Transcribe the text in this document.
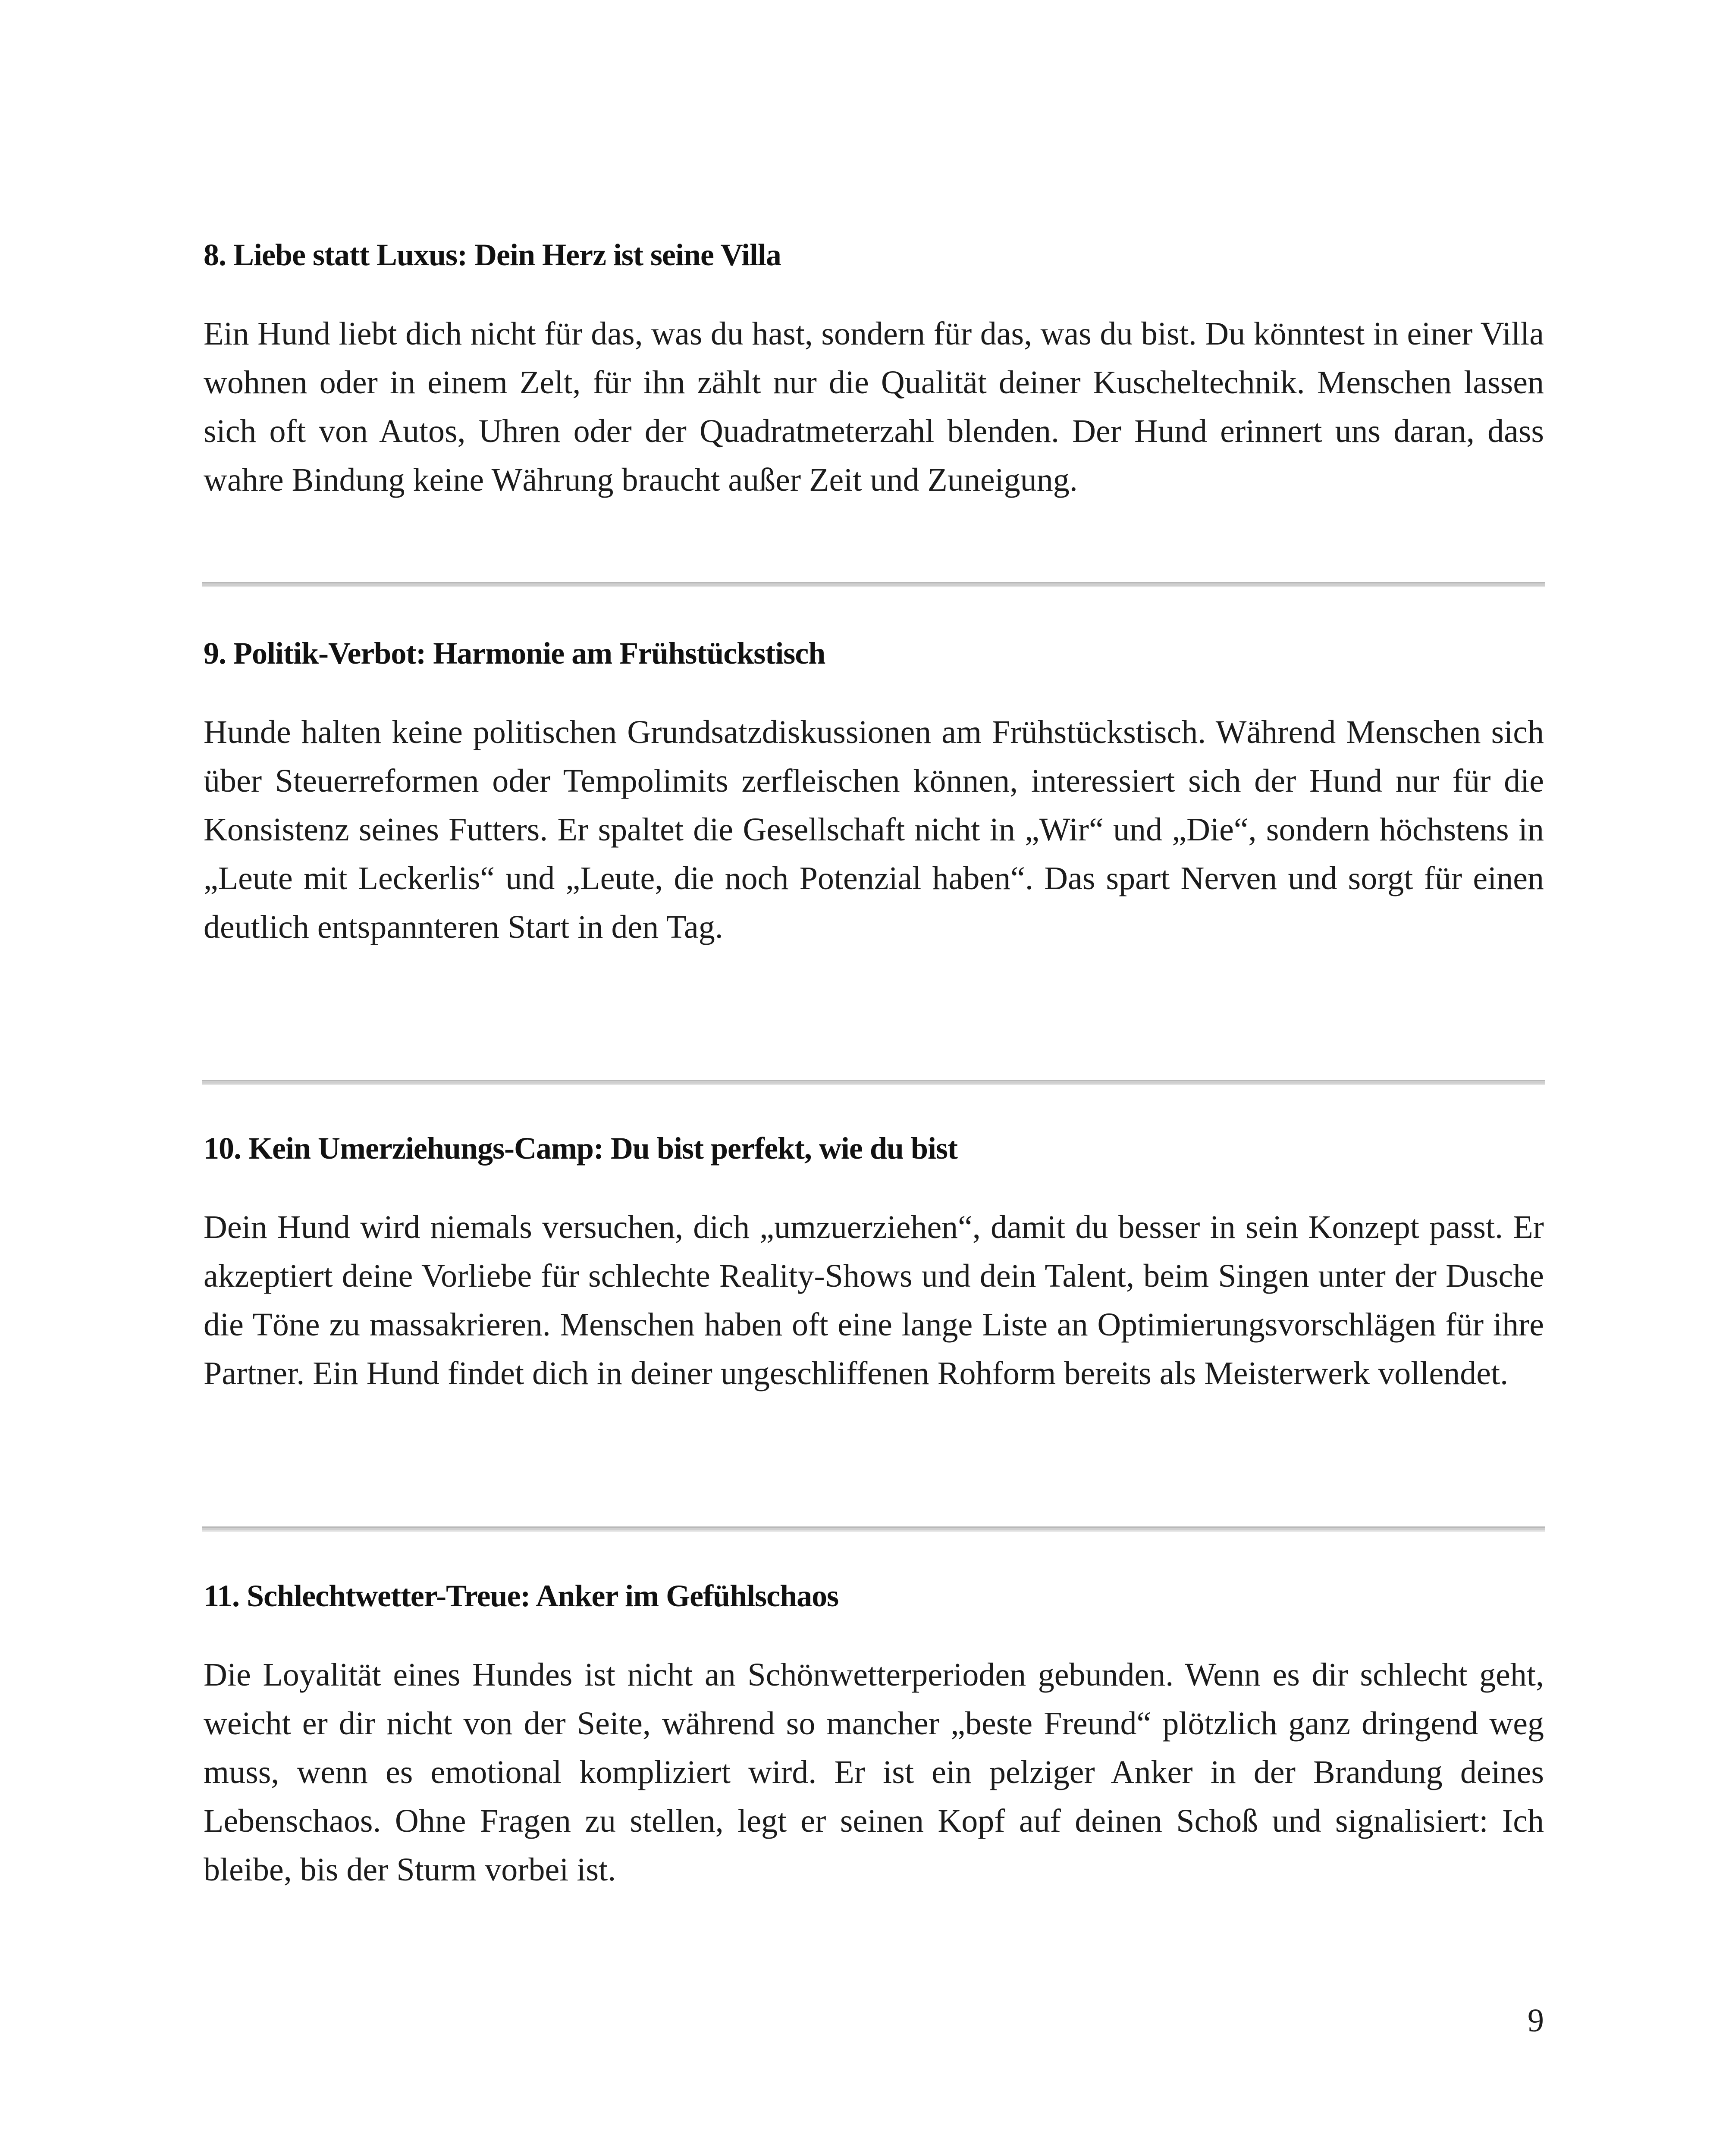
8. Liebe statt Luxus: Dein Herz ist seine Villa

Ein Hund liebt dich nicht für das, was du hast, sondern für das, was du bist. Du könntest in einer Villa wohnen oder in einem Zelt, für ihn zählt nur die Qualität deiner Kuscheltechnik. Menschen lassen sich oft von Autos, Uhren oder der Quadratmeterzahl blenden. Der Hund erinnert uns daran, dass wahre Bindung keine Währung braucht außer Zeit und Zuneigung.

9. Politik-Verbot: Harmonie am Frühstückstisch

Hunde halten keine politischen Grundsatzdiskussionen am Frühstückstisch. Während Menschen sich über Steuerreformen oder Tempolimits zerfleischen können, interessiert sich der Hund nur für die Konsistenz seines Futters. Er spaltet die Gesellschaft nicht in „Wir“ und „Die“, sondern höchstens in „Leute mit Leckerlis“ und „Leute, die noch Potenzial haben“. Das spart Nerven und sorgt für einen deutlich entspannteren Start in den Tag.

10. Kein Umerziehungs-Camp: Du bist perfekt, wie du bist

Dein Hund wird niemals versuchen, dich „umzuerziehen“, damit du besser in sein Konzept passt. Er akzeptiert deine Vorliebe für schlechte Reality-Shows und dein Talent, beim Singen unter der Dusche die Töne zu massakrieren. Menschen haben oft eine lange Liste an Optimierungsvorschlägen für ihre Partner. Ein Hund findet dich in deiner ungeschliffenen Rohform bereits als Meisterwerk vollendet.

11. Schlechtwetter-Treue: Anker im Gefühlschaos

Die Loyalität eines Hundes ist nicht an Schönwetterperioden gebunden. Wenn es dir schlecht geht, weicht er dir nicht von der Seite, während so mancher „beste Freund“ plötzlich ganz dringend weg muss, wenn es emotional kompliziert wird. Er ist ein pelziger Anker in der Brandung deines Lebenschaos. Ohne Fragen zu stellen, legt er seinen Kopf auf deinen Schoß und signalisiert: Ich bleibe, bis der Sturm vorbei ist.

9
